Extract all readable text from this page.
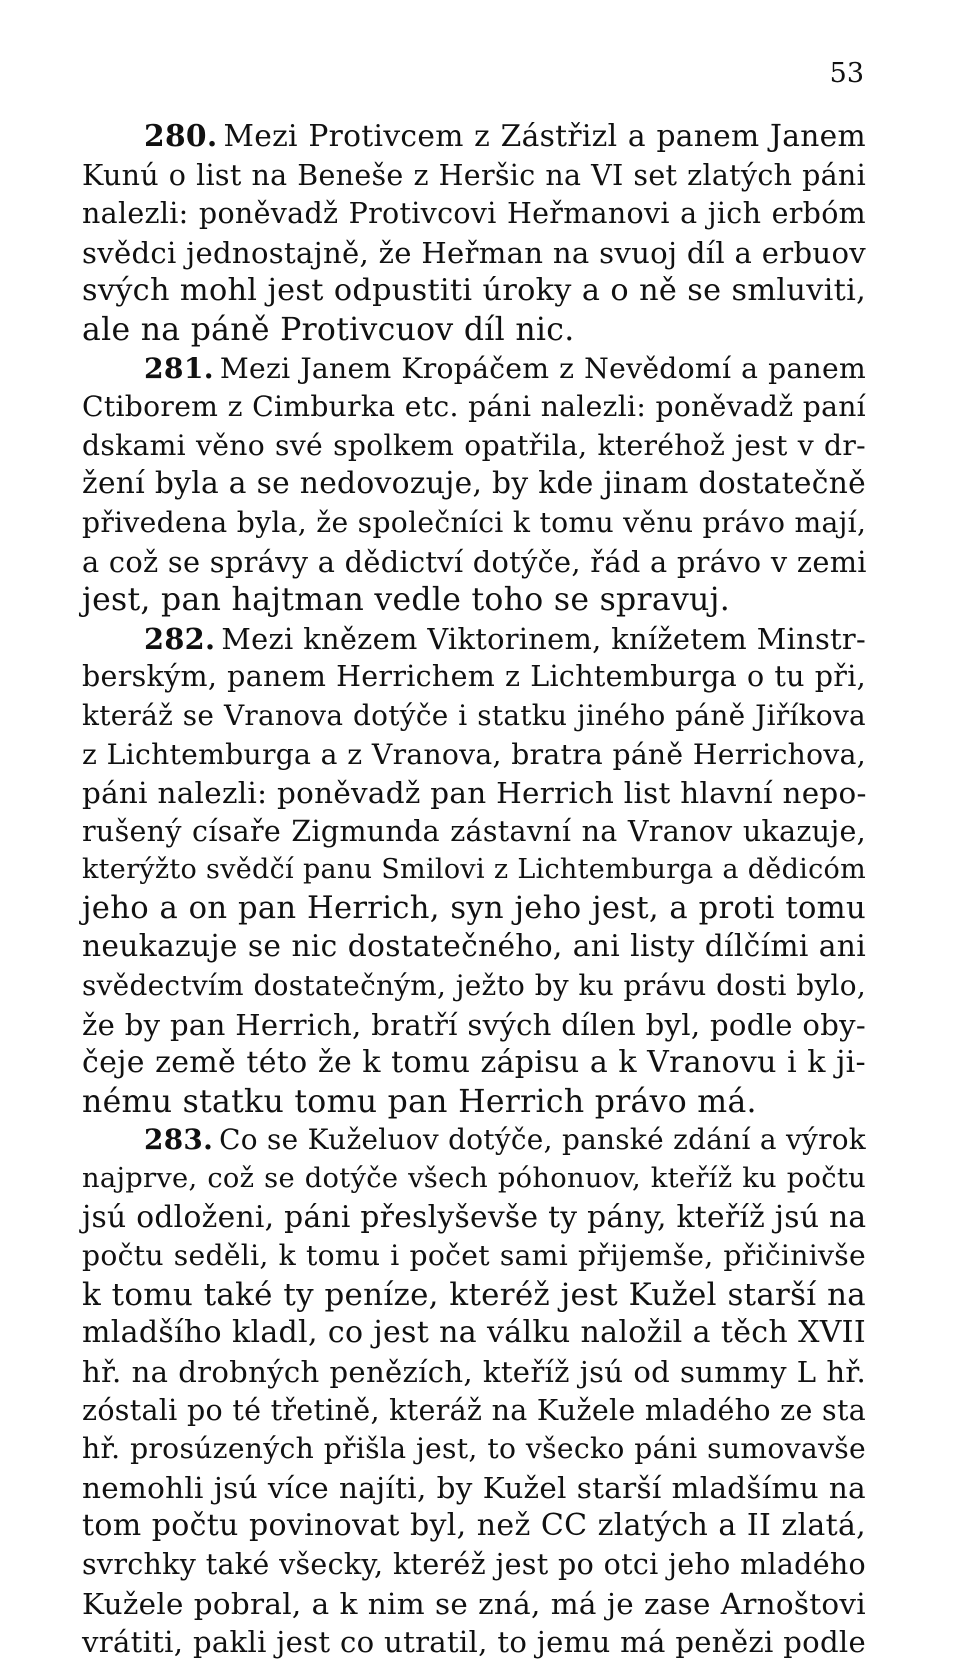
53
280. Mezi Protivcem z Zástřizl a panem Janem
Kunú o list na Beneše z Heršic na VI set zlatých páni
nalezli: poněvadž Protivcovi Heřmanovi a jich erbóm
svědci jednostajně, že Heřman na svuoj díl a erbuov
svých mohl jest odpustiti úroky a o ně se smluviti,
ale na páně Protivcuov díl nic.
281. Mezi Janem Kropáčem z Nevědomí a panem
Ctiborem z Cimburka etc. páni nalezli: poněvadž paní
dskami věno své spolkem opatřila, kteréhož jest v dr-
žení byla a se nedovozuje, by kde jinam dostatečně
přivedena byla, že společníci k tomu věnu právo mají,
a což se správy a dědictví dotýče, řád a právo v zemi
jest, pan hajtman vedle toho se spravuj.
282. Mezi knězem Viktorinem, knížetem Minstr-
berským, panem Herrichem z Lichtemburga o tu při,
kteráž se Vranova dotýče i statku jiného páně Jiříkova
z Lichtemburga a z Vranova, bratra páně Herrichova,
páni nalezli: poněvadž pan Herrich list hlavní nepo-
rušený císaře Zigmunda zástavní na Vranov ukazuje,
kterýžto svědčí panu Smilovi z Lichtemburga a dědicóm
jeho a on pan Herrich, syn jeho jest, a proti tomu
neukazuje se nic dostatečného, ani listy dílčími ani
svědectvím dostatečným, ježto by ku právu dosti bylo,
že by pan Herrich, bratří svých dílen byl, podle oby-
čeje země této že k tomu zápisu a k Vranovu i k ji-
nému statku tomu pan Herrich právo má.
283. Co se Kuželuov dotýče, panské zdání a výrok
najprve, což se dotýče všech póhonuov, kteříž ku počtu
jsú odloženi, páni přeslyševše ty pány, kteříž jsú na
počtu seděli, k tomu i počet sami přijemše, přičinivše
k tomu také ty peníze, kteréž jest Kužel starší na
mladšího kladl, co jest na válku naložil a těch XVII
hř. na drobných penězích, kteříž jsú od summy L hř.
zóstali po té třetině, kteráž na Kužele mladého ze sta
hř. prosúzených přišla jest, to všecko páni sumovavše
nemohli jsú více najíti, by Kužel starší mladšímu na
tom počtu povinovat byl, než CC zlatých a II zlatá,
svrchky také všecky, kteréž jest po otci jeho mladého
Kužele pobral, a k nim se zná, má je zase Arnoštovi
vrátiti, pakli jest co utratil, to jemu má penězi podle
